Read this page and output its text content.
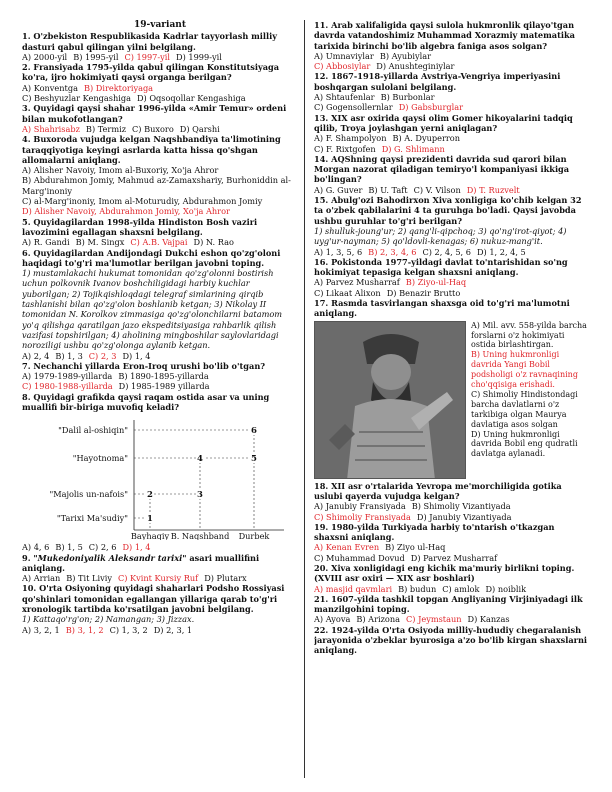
19-variant
1. O'zbekiston Respublikasida Kadrlar tayyorlash milliy dasturi qabul qilingan yilni belgilang.
A) 2000-yil B) 1995-yil C) 1997-yil D) 1999-yil
2. Fransiyada 1795-yilda qabul qilingan Konstitutsiyaga ko'ra, ijro hokimiyati qaysi organga berilgan?
A) Konventga B) Direktoriyaga
C) Beshyuzlar Kengashiga D) Oqsoqollar Kengashiga
3. Quyidagi qaysi shahar 1996-yilda «Amir Temur» ordeni bilan mukofotlangan?
A) Shahrisabz B) Termiz C) Buxoro D) Qarshi
4. Buxoroda vujudga kelgan Naqshbandiya ta'limotining taraqqiyotiga keyingi asrlarda katta hissa qo'shgan allomalarni aniqlang.
A) Alisher Navoiy, Imom al-Buxoriy, Xo'ja Ahror
B) Abdurahmon Jomiy, Mahmud az-Zamaxshariy, Burhoniddin al-Marg'inoniy
C) al-Marg'inoniy, Imom al-Moturudiy, Abdurahmon Jomiy
D) Alisher Navoiy, Abdurahmon Jomiy, Xo'ja Ahror
5. Quyidagilardan 1998-yilda Hindiston Bosh vaziri lavozimini egallagan shaxsni belgilang.
A) R. Gandi B) M. Singx C) A.B. Vajpai D) N. Rao
6. Quyidagilardan Andijondagi Dukchi eshon qo'zg'oloni haqidagi to'g'ri ma'lumotlar berilgan javobni toping.
1) mustamlakachi hukumat tomonidan qo'zg'olonni bostirish uchun polkovnik Ivanov boshchiligidagi harbiy kuchlar yuborilgan; 2) Tojikqishloqdagi telegraf simlarining qirqib tashlanishi bilan qo'zg'olon boshlanib ketgan; 3) Nikolay II tomonidan N. Korolkov zimmasiga qo'zg'olonchilarni batamom yo'q qilishga qaratilgan jazo ekspeditsiyasiga rahbarlik qilish vazifasi topshirilgan; 4) aholining mingboshilar saylovlaridagi noroziligi ushbu qo'zg'olonga aylanib ketgan.
A) 2, 4 B) 1, 3 C) 2, 3 D) 1, 4
7. Nechanchi yillarda Eron-Iroq urushi bo'lib o'tgan?
A) 1979-1989-yillarda B) 1890-1895-yillarda
C) 1980-1988-yillarda D) 1985-1989 yillarda
8. Quyidagi grafikda qaysi raqam ostida asar va uning muallifi bir-biriga muvofiq keladi?
"Dalil al-oshiqin"
"Hayotnoma"
"Majolis un-nafois"
"Tarixi Ma'sudiy"
Bayhaqiy B. Naqshband Durbek
1
2	3
4	5
6
A) 4, 6 B) 1, 5 C) 2, 6 D) 1, 4
9. "Mukedoniyalik Aleksandr tarixi" asari muallifini aniqlang.
A) Arrian B) Tit Liviy C) Kvint Kursiy Ruf D) Plutarx
10. O'rta Osiyoning quyidagi shaharlari Podsho Rossiyasi qo'shinlari tomonidan egallangan yillariga qarab to'g'ri xronologik tartibda ko'rsatilgan javobni belgilang.
1) Kattaqo'rg'on; 2) Namangan; 3) Jizzax.
A) 3, 2, 1 B) 3, 1, 2 C) 1, 3, 2 D) 2, 3, 1
11. Arab xalifaligida qaysi sulola hukmronlik qilayo'tgan davrda vatandoshimiz Muhammad Xorazmiy matematika tarixida birinchi bo'lib algebra faniga asos solgan?
A) Umnaviylar B) Ayubiylar
C) Abbosiylar D) Anushteginiylar
12. 1867-1918-yillarda Avstriya-Vengriya imperiyasini boshqargan sulolani belgilang.
A) Shtaufenlar B) Burbonlar
C) Gogensollernlar D) Gabsburglar
13. XIX asr oxirida qaysi olim Gomer hikoyalarini tadqiq qilib, Troya joylashgan yerni aniqlagan?
A) F. Shampolyon B) A. Dyuperron
C) F. Rixtgofen D) G. Shlimann
14. AQShning qaysi prezidenti davrida sud qarori bilan Morgan nazorat qiladigan temiryo'l kompaniyasi ikkiga bo'lingan?
A) G. Guver B) U. Taft C) V. Vilson D) T. Ruzvelt
15. Abulg'ozi Bahodirxon Xiva xonligiga ko'chib kelgan 32 ta o'zbek qabilalarini 4 ta guruhga bo'ladi. Qaysi javobda ushbu guruhlar to'g'ri berilgan?
1) shulluk-joung'ur; 2) qang'li-qipchoq; 3) qo'ng'irot-qiyot; 4) uyg'ur-nayman; 5) qo'ldovli-kenagas; 6) nukuz-mang'it.
A) 1, 3, 5, 6 B) 2, 3, 4, 6 C) 2, 4, 5, 6 D) 1, 2, 4, 5
16. Pokistonda 1977-yildagi davlat to'ntarishidan so'ng hokimiyat tepasiga kelgan shaxsni aniqlang.
A) Parvez Musharraf B) Ziyo-ul-Haq
C) Likaat Alixon D) Benazir Brutto
17. Rasmda tasvirlangan shaxsga oid to'g'ri ma'lumotni aniqlang.
A) Mil. avv. 558-yilda barcha forslarni o'z hokimiyati ostida birlashtirgan.
B) Uning hukmronligi davrida Yangi Bobil podsholigi o'z ravnaqining cho'qqisiga erishadi.
C) Shimoliy Hindistondagi barcha davlatlarni o'z tarkibiga olgan Maurya davlatiga asos solgan
D) Uning hukmronligi davrida Bobil eng qudratli davlatga aylanadi.
18. XII asr o'rtalarida Yevropa me'morchiligida gotika uslubi qayerda vujudga kelgan?
A) Janubiy Fransiyada B) Shimoliy Vizantiyada
C) Shimoliy Fransiyada D) Janubiy Vizantiyada
19. 1980-yilda Turkiyada harbiy to'ntarish o'tkazgan shaxsni aniqlang.
A) Kenan Evren B) Ziyo ul-Haq
C) Muhammad Dovud D) Parvez Musharraf
20. Xiva xonligidagi eng kichik ma'muriy birlikni toping. (XVIII asr oxiri — XIX asr boshlari)
A) masjid qavmlari B) budun C) amlok D) noiblik
21. 1607-yilda tashkil topgan Angliyaning Virjiniyadagi ilk manzilgohini toping.
A) Ayova B) Arizona C) Jeymstaun D) Kanzas
22. 1924-yilda O'rta Osiyoda milliy-hududiy chegaralanish jarayonida o'zbeklar byurosiga a'zo bo'lib kirgan shaxslarni aniqlang.
